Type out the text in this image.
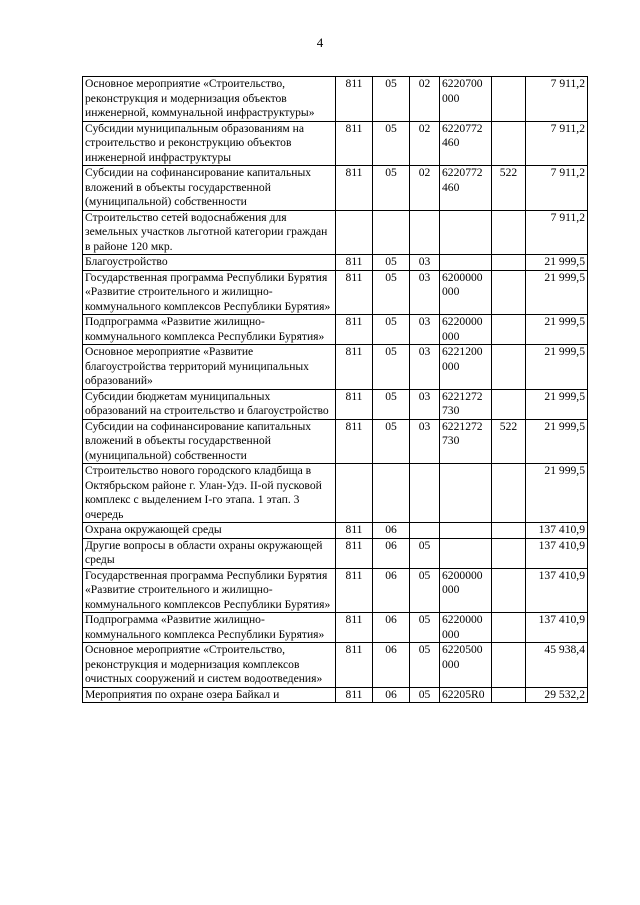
4
Основное мероприятие «Строительство, реконструкция и модернизация объектов инженерной, коммунальной инфраструктуры»	811	05	02	6220700 000		7 911,2
Субсидии муниципальным образованиям на строительство и реконструкцию объектов инженерной инфраструктуры	811	05	02	6220772 460		7 911,2
Субсидии на софинансирование капитальных вложений в объекты государственной (муниципальной) собственности	811	05	02	6220772 460	522	7 911,2
Строительство сетей водоснабжения для земельных участков льготной категории граждан в районе 120 мкр.						7 911,2
Благоустройство	811	05	03			21 999,5
Государственная программа Республики Бурятия «Развитие строительного и жилищно-коммунального комплексов Республики Бурятия»	811	05	03	6200000 000		21 999,5
Подпрограмма «Развитие жилищно-коммунального комплекса Республики Бурятия»	811	05	03	6220000 000		21 999,5
Основное мероприятие «Развитие благоустройства территорий муниципальных образований»	811	05	03	6221200 000		21 999,5
Субсидии бюджетам муниципальных образований на строительство и благоустройство	811	05	03	6221272 730		21 999,5
Субсидии на софинансирование капитальных вложений в объекты государственной (муниципальной) собственности	811	05	03	6221272 730	522	21 999,5
Строительство нового городского кладбища в Октябрьском районе г. Улан-Удэ. II-ой пусковой комплекс с выделением I-го этапа. 1 этап. 3 очередь						21 999,5
Охрана окружающей среды	811	06				137 410,9
Другие вопросы в области охраны окружающей среды	811	06	05			137 410,9
Государственная программа Республики Бурятия «Развитие строительного и жилищно-коммунального комплексов Республики Бурятия»	811	06	05	6200000 000		137 410,9
Подпрограмма «Развитие жилищно-коммунального комплекса Республики Бурятия»	811	06	05	6220000 000		137 410,9
Основное мероприятие «Строительство, реконструкция и модернизация комплексов очистных сооружений и систем водоотведения»	811	06	05	6220500 000		45 938,4
Мероприятия по охране озера Байкал и	811	06	05	62205R0		29 532,2
